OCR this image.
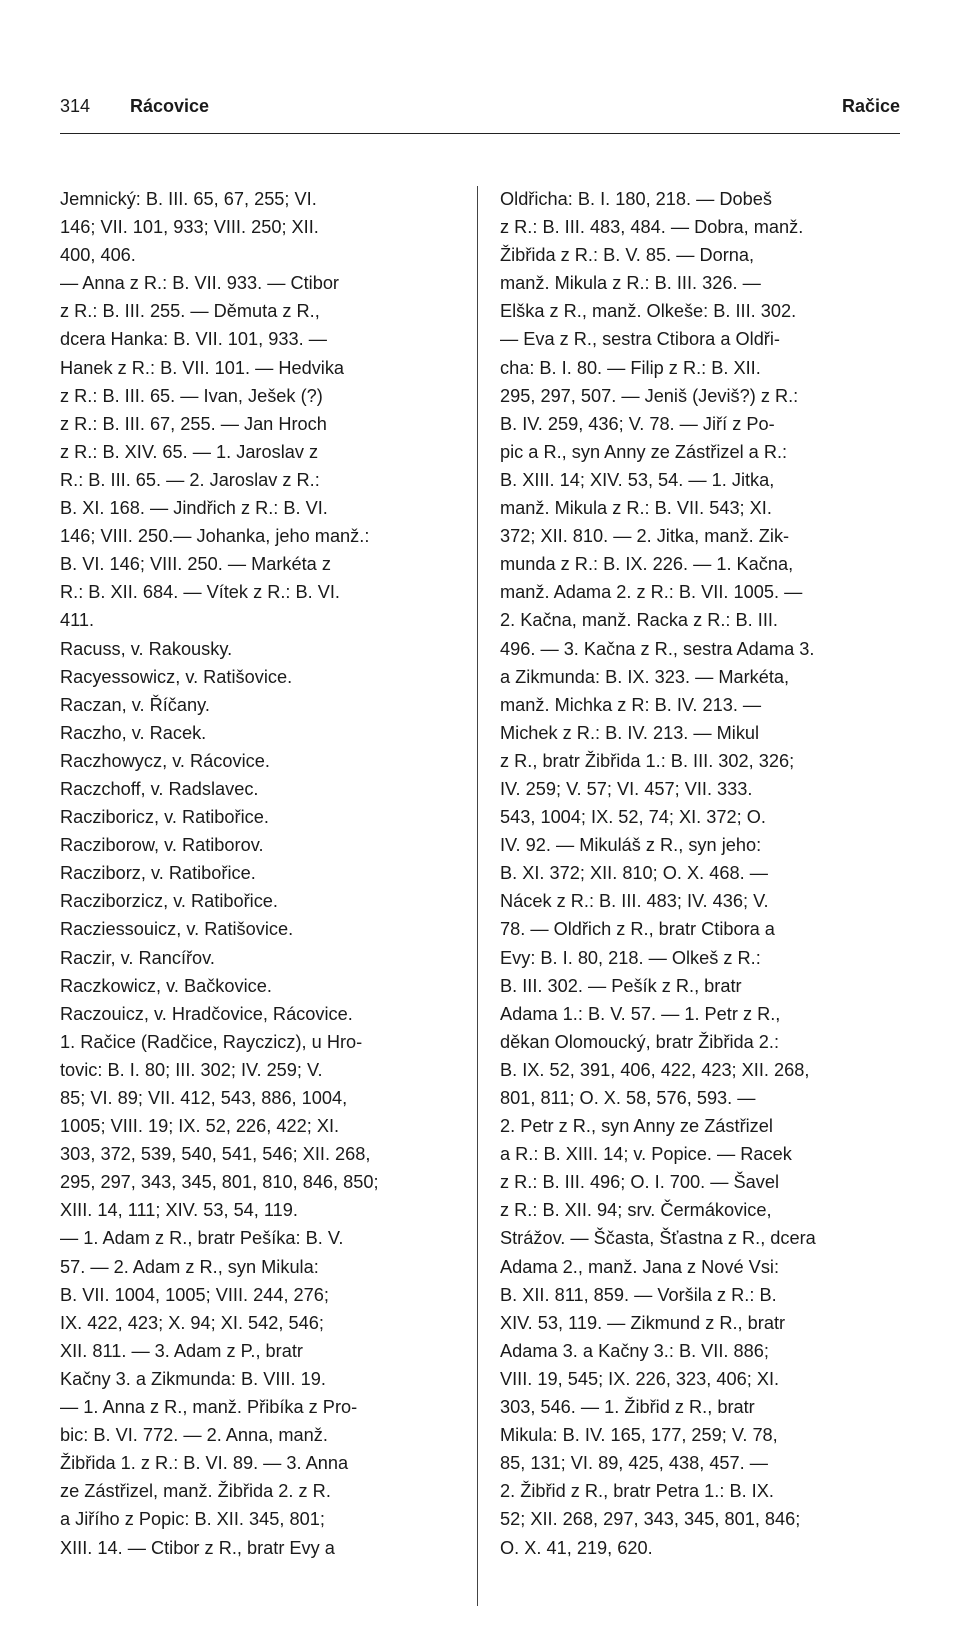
314 Rácovice	Račice
Jemnický: B. III. 65, 67, 255; VI.
146; VII. 101, 933; VIII. 250; XII.
400, 406.
— Anna z R.: B. VII. 933. — Ctibor
z R.: B. III. 255. — Děmuta z R.,
dcera Hanka: B. VII. 101, 933. —
Hanek z R.: B. VII. 101. — Hedvika
z R.: B. III. 65. — Ivan, Ješek (?)
z R.: B. III. 67, 255. — Jan Hroch
z R.: B. XIV. 65. — 1. Jaroslav z
R.: B. III. 65. — 2. Jaroslav z R.:
B. XI. 168. — Jindřich z R.: B. VI.
146; VIII. 250.— Johanka, jeho manž.:
B. VI. 146; VIII. 250. — Markéta z
R.: B. XII. 684. — Vítek z R.: B. VI.
411.
Racuss, v. Rakousky.
Racyessowicz, v. Ratišovice.
Raczan, v. Říčany.
Raczho, v. Racek.
Raczhowycz, v. Rácovice.
Raczchoff, v. Radslavec.
Racziboricz, v. Ratibořice.
Racziborow, v. Ratiborov.
Racziborz, v. Ratibořice.
Racziborzicz, v. Ratibořice.
Racziessouicz, v. Ratišovice.
Raczir, v. Rancířov.
Raczkowicz, v. Bačkovice.
Raczouicz, v. Hradčovice, Rácovice.
1. Račice (Radčice, Rayczicz), u Hro-
tovic: B. I. 80; III. 302; IV. 259; V.
85; VI. 89; VII. 412, 543, 886, 1004,
1005; VIII. 19; IX. 52, 226, 422; XI.
303, 372, 539, 540, 541, 546; XII. 268,
295, 297, 343, 345, 801, 810, 846, 850;
XIII. 14, 111; XIV. 53, 54, 119.
— 1. Adam z R., bratr Pešíka: B. V.
57. — 2. Adam z R., syn Mikula:
B. VII. 1004, 1005; VIII. 244, 276;
IX. 422, 423; X. 94; XI. 542, 546;
XII. 811. — 3. Adam z P., bratr
Kačny 3. a Zikmunda: B. VIII. 19.
— 1. Anna z R., manž. Přibíka z Pro-
bic: B. VI. 772. — 2. Anna, manž.
Žibřida 1. z R.: B. VI. 89. — 3. Anna
ze Zástřizel, manž. Žibřida 2. z R.
a Jiřího z Popic: B. XII. 345, 801;
XIII. 14. — Ctibor z R., bratr Evy a
Oldřicha: B. I. 180, 218. — Dobeš
z R.: B. III. 483, 484. — Dobra, manž.
Žibřida z R.: B. V. 85. — Dorna,
manž. Mikula z R.: B. III. 326. —
Elška z R., manž. Olkeše: B. III. 302.
— Eva z R., sestra Ctibora a Oldři-
cha: B. I. 80. — Filip z R.: B. XII.
295, 297, 507. — Jeniš (Jeviš?) z R.:
B. IV. 259, 436; V. 78. — Jiří z Po-
pic a R., syn Anny ze Zástřizel a R.:
B. XIII. 14; XIV. 53, 54. — 1. Jitka,
manž. Mikula z R.: B. VII. 543; XI.
372; XII. 810. — 2. Jitka, manž. Zik-
munda z R.: B. IX. 226. — 1. Kačna,
manž. Adama 2. z R.: B. VII. 1005. —
2. Kačna, manž. Racka z R.: B. III.
496. — 3. Kačna z R., sestra Adama 3.
a Zikmunda: B. IX. 323. — Markéta,
manž. Michka z R: B. IV. 213. —
Michek z R.: B. IV. 213. — Mikul
z R., bratr Žibřida 1.: B. III. 302, 326;
IV. 259; V. 57; VI. 457; VII. 333.
543, 1004; IX. 52, 74; XI. 372; O.
IV. 92. — Mikuláš z R., syn jeho:
B. XI. 372; XII. 810; O. X. 468. —
Nácek z R.: B. III. 483; IV. 436; V.
78. — Oldřich z R., bratr Ctibora a
Evy: B. I. 80, 218. — Olkeš z R.:
B. III. 302. — Pešík z R., bratr
Adama 1.: B. V. 57. — 1. Petr z R.,
děkan Olomoucký, bratr Žibřida 2.:
B. IX. 52, 391, 406, 422, 423; XII. 268,
801, 811; O. X. 58, 576, 593. —
2. Petr z R., syn Anny ze Zástřizel
a R.: B. XIII. 14; v. Popice. — Racek
z R.: B. III. 496; O. I. 700. — Šavel
z R.: B. XII. 94; srv. Čermákovice,
Strážov. — Ščasta, Šťastna z R., dcera
Adama 2., manž. Jana z Nové Vsi:
B. XII. 811, 859. — Voršila z R.: B.
XIV. 53, 119. — Zikmund z R., bratr
Adama 3. a Kačny 3.: B. VII. 886;
VIII. 19, 545; IX. 226, 323, 406; XI.
303, 546. — 1. Žibřid z R., bratr
Mikula: B. IV. 165, 177, 259; V. 78,
85, 131; VI. 89, 425, 438, 457. —
2. Žibřid z R., bratr Petra 1.: B. IX.
52; XII. 268, 297, 343, 345, 801, 846;
O. X. 41, 219, 620.
